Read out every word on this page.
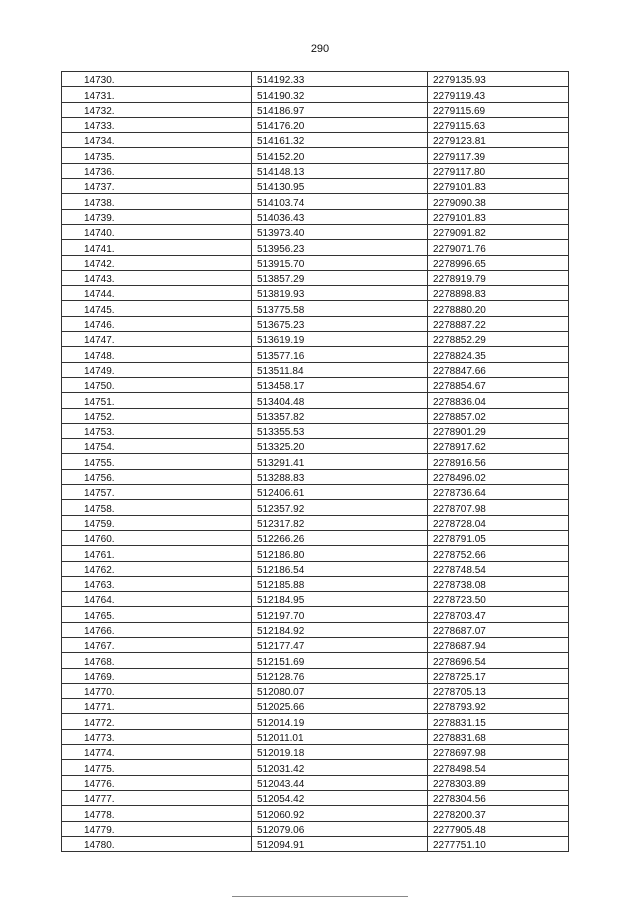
290
14730.	514192.33	2279135.93
14731.	514190.32	2279119.43
14732.	514186.97	2279115.69
14733.	514176.20	2279115.63
14734.	514161.32	2279123.81
14735.	514152.20	2279117.39
14736.	514148.13	2279117.80
14737.	514130.95	2279101.83
14738.	514103.74	2279090.38
14739.	514036.43	2279101.83
14740.	513973.40	2279091.82
14741.	513956.23	2279071.76
14742.	513915.70	2278996.65
14743.	513857.29	2278919.79
14744.	513819.93	2278898.83
14745.	513775.58	2278880.20
14746.	513675.23	2278887.22
14747.	513619.19	2278852.29
14748.	513577.16	2278824.35
14749.	513511.84	2278847.66
14750.	513458.17	2278854.67
14751.	513404.48	2278836.04
14752.	513357.82	2278857.02
14753.	513355.53	2278901.29
14754.	513325.20	2278917.62
14755.	513291.41	2278916.56
14756.	513288.83	2278496.02
14757.	512406.61	2278736.64
14758.	512357.92	2278707.98
14759.	512317.82	2278728.04
14760.	512266.26	2278791.05
14761.	512186.80	2278752.66
14762.	512186.54	2278748.54
14763.	512185.88	2278738.08
14764.	512184.95	2278723.50
14765.	512197.70	2278703.47
14766.	512184.92	2278687.07
14767.	512177.47	2278687.94
14768.	512151.69	2278696.54
14769.	512128.76	2278725.17
14770.	512080.07	2278705.13
14771.	512025.66	2278793.92
14772.	512014.19	2278831.15
14773.	512011.01	2278831.68
14774.	512019.18	2278697.98
14775.	512031.42	2278498.54
14776.	512043.44	2278303.89
14777.	512054.42	2278304.56
14778.	512060.92	2278200.37
14779.	512079.06	2277905.48
14780.	512094.91	2277751.10
